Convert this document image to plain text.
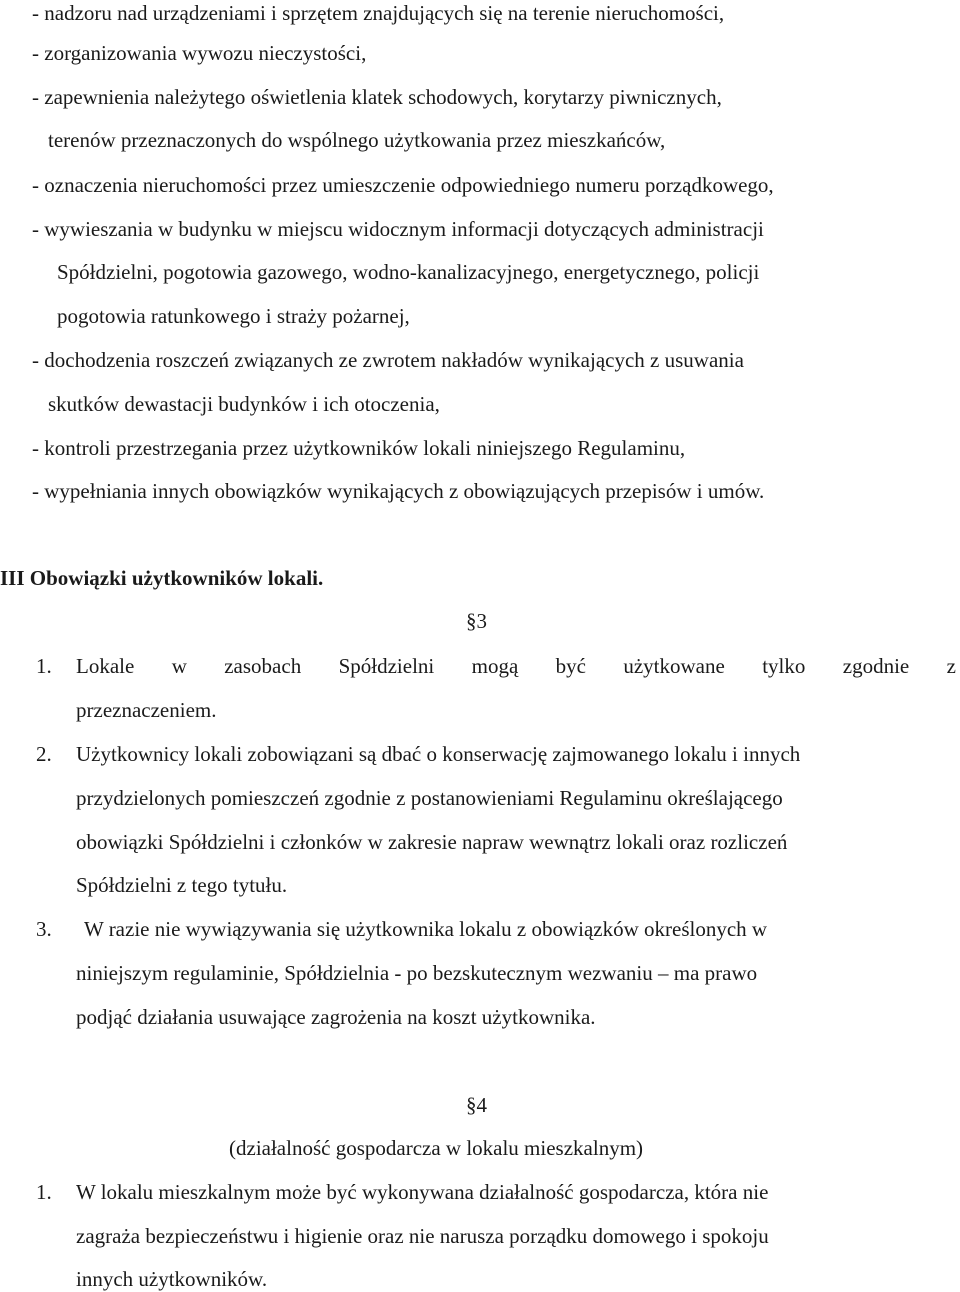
- nadzoru nad urządzeniami i sprzętem znajdujących się na terenie nieruchomości,
- zorganizowania wywozu nieczystości,
- zapewnienia należytego oświetlenia klatek schodowych, korytarzy piwnicznych,
terenów przeznaczonych do wspólnego użytkowania przez mieszkańców,
- oznaczenia nieruchomości przez umieszczenie odpowiedniego numeru porządkowego,
- wywieszania w budynku w miejscu widocznym informacji dotyczących administracji
Spółdzielni, pogotowia gazowego, wodno-kanalizacyjnego, energetycznego, policji
pogotowia ratunkowego i straży pożarnej,
- dochodzenia roszczeń związanych ze zwrotem nakładów wynikających z usuwania
skutków dewastacji budynków i ich otoczenia,
- kontroli przestrzegania przez użytkowników lokali niniejszego Regulaminu,
- wypełniania innych obowiązków wynikających z obowiązujących przepisów i umów.
III Obowiązki użytkowników lokali.
§3
1. Lokale w zasobach Spółdzielni mogą być użytkowane tylko zgodnie z
przeznaczeniem.
2. Użytkownicy lokali zobowiązani są dbać o konserwację zajmowanego lokalu i innych
przydzielonych pomieszczeń zgodnie z postanowieniami Regulaminu określającego
obowiązki Spółdzielni i członków w zakresie napraw wewnątrz lokali oraz rozliczeń
Spółdzielni z tego tytułu.
3. W razie nie wywiązywania się użytkownika lokalu z obowiązków określonych w
niniejszym regulaminie, Spółdzielnia - po bezskutecznym wezwaniu – ma prawo
podjąć działania usuwające zagrożenia na koszt użytkownika.
§4
(działalność gospodarcza w lokalu mieszkalnym)
1. W lokalu mieszkalnym może być wykonywana działalność gospodarcza, która nie
zagraża bezpieczeństwu i higienie oraz nie narusza porządku domowego i spokoju
innych użytkowników.
